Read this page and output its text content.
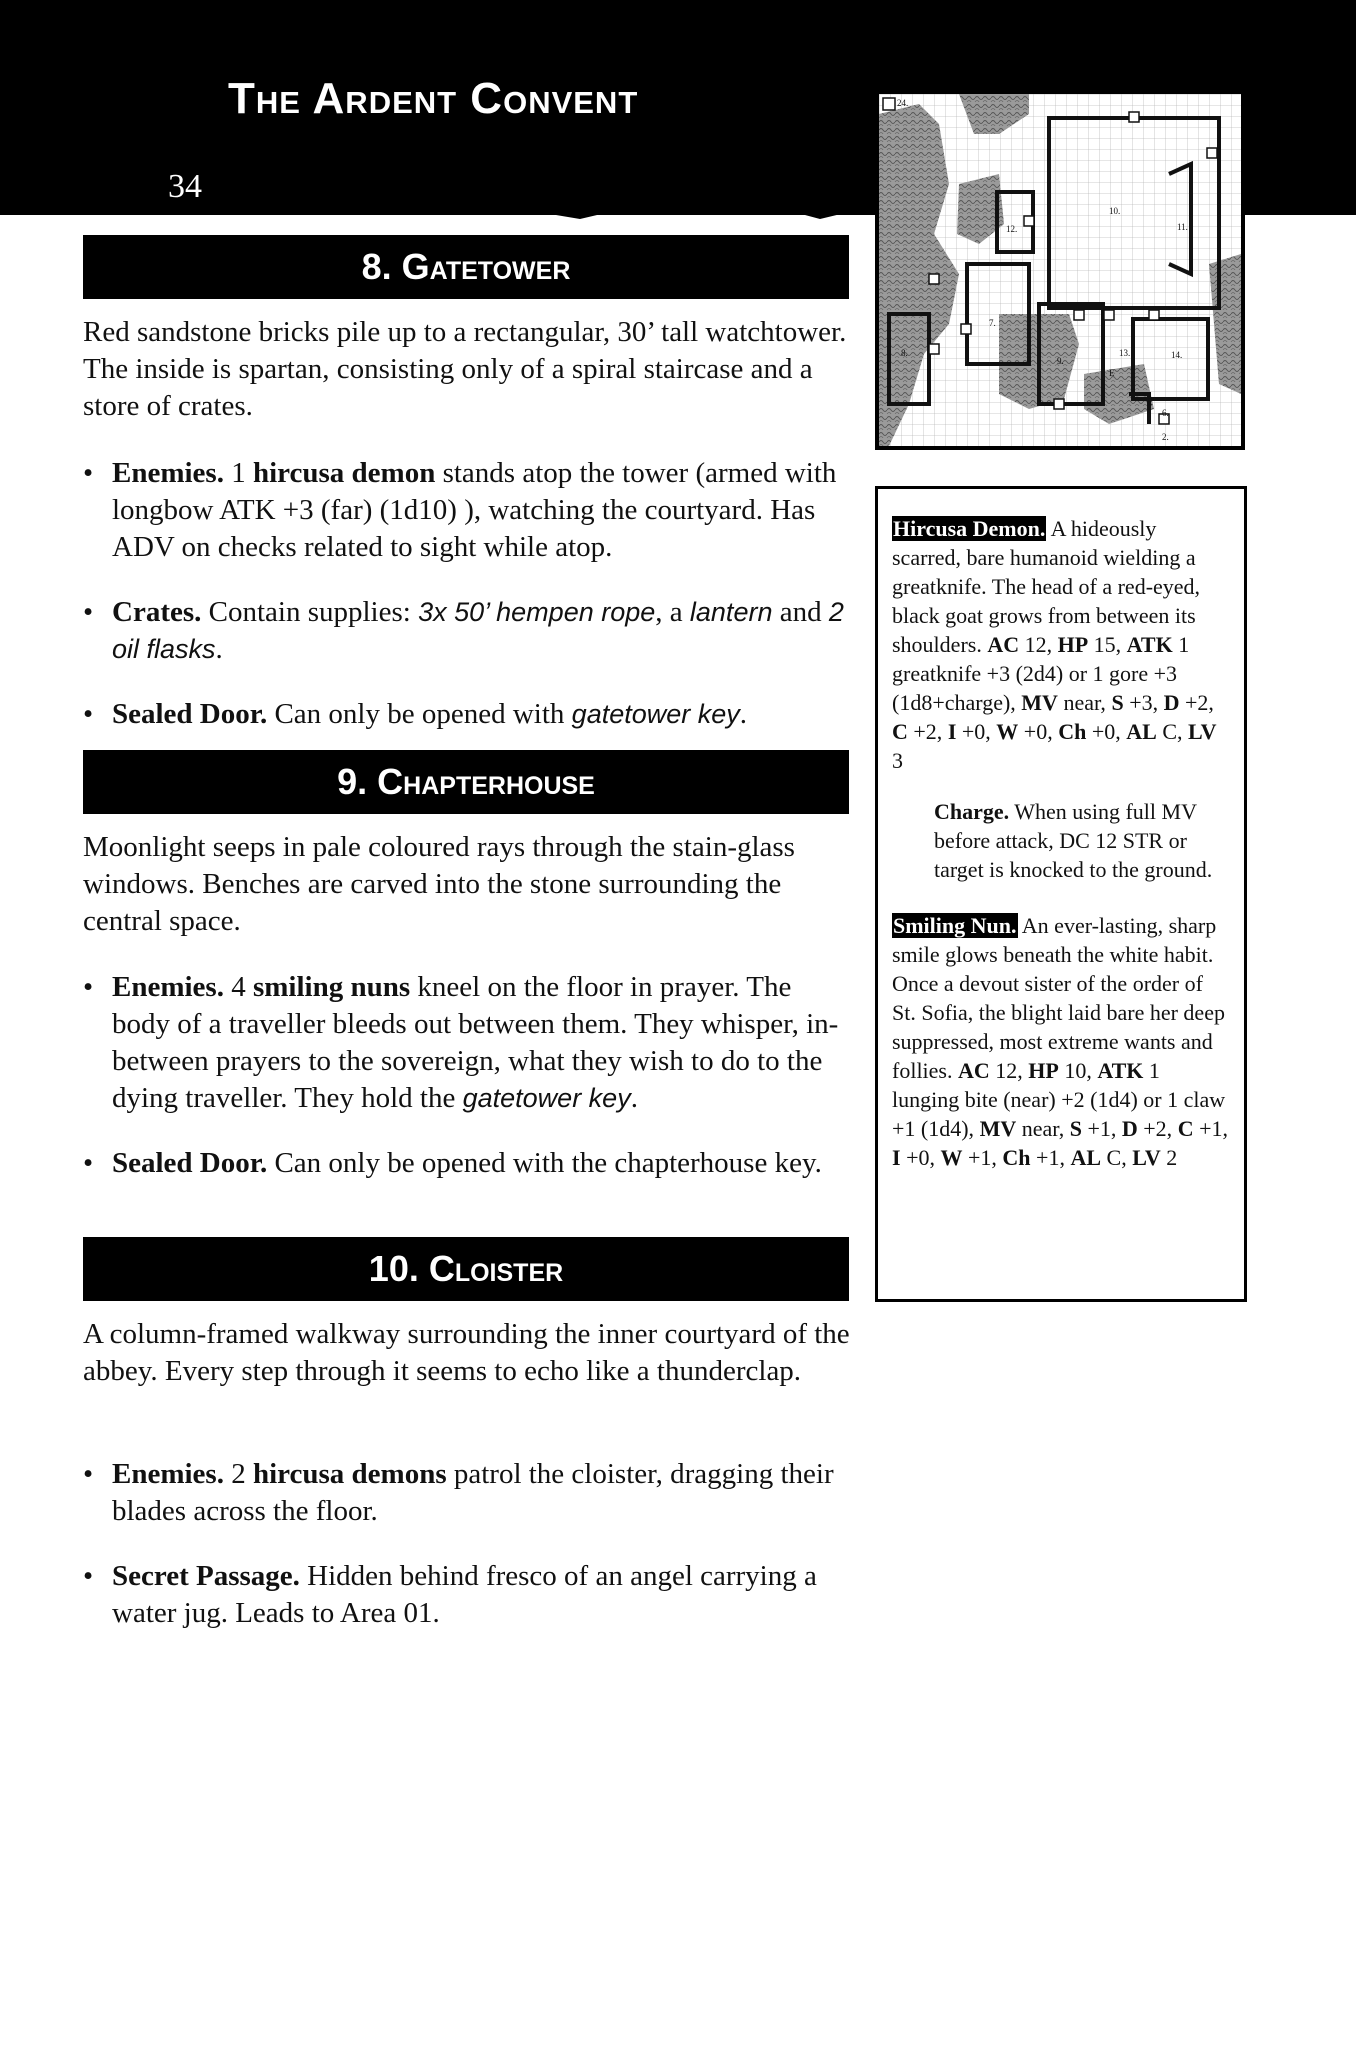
The Ardent Convent
34
8. Gatetower

Red sandstone bricks pile up to a rectangular, 30’ tall watchtower. The inside is spartan, consisting only of a spiral staircase and a store of crates.

• Enemies. 1 hircusa demon stands atop the tower (armed with longbow ATK +3 (far) (1d10) ), watching the courtyard. Has ADV on checks related to sight while atop.
• Crates. Contain supplies: 3x 50’ hempen rope, a lantern and 2 oil flasks.
• Sealed Door. Can only be opened with gatetower key.
9. Chapterhouse

Moonlight seeps in pale coloured rays through the stain-glass windows. Benches are carved into the stone surrounding the central space.

• Enemies. 4 smiling nuns kneel on the floor in prayer. The body of a traveller bleeds out between them. They whisper, in-between prayers to the sovereign, what they wish to do to the dying traveller. They hold the gatetower key.
• Sealed Door. Can only be opened with the chapterhouse key.
10. Cloister

A column-framed walkway surrounding the inner courtyard of the abbey. Every step through it seems to echo like a thunderclap.

• Enemies. 2 hircusa demons patrol the cloister, dragging their blades across the floor.
• Secret Passage. Hidden behind fresco of an angel carrying a water jug. Leads to Area 01.
24.
12.
10.
11.
8.
7.
9.
13.	14.
6.
2.
E
E

Hircusa Demon. A hideously scarred, bare humanoid wielding a greatknife. The head of a red-eyed, black goat grows from between its shoulders. AC 12, HP 15, ATK 1 greatknife +3 (2d4) or 1 gore +3 (1d8+charge), MV near, S +3, D +2, C +2, I +0, W +0, Ch +0, AL C, LV 3

Charge. When using full MV before attack, DC 12 STR or target is knocked to the ground.

Smiling Nun. An ever-lasting, sharp smile glows beneath the white habit. Once a devout sister of the order of St. Sofia, the blight laid bare her deep suppressed, most extreme wants and follies. AC 12, HP 10, ATK 1 lunging bite (near) +2 (1d4) or 1 claw +1 (1d4), MV near, S +1, D +2, C +1, I +0, W +1, Ch +1, AL C, LV 2
